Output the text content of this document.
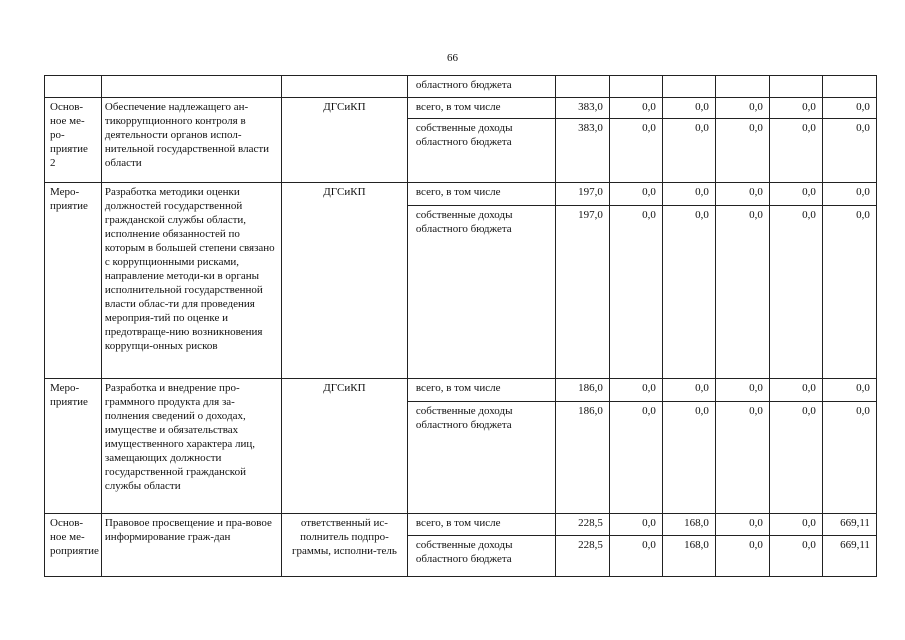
66
			областного бюджета						

Основ-
ное ме-
ро-
приятие
2	Обеспечение надлежащего ан-тикоррупционного контроля в деятельности органов испол-нительной государственной власти области	ДГСиКП	всего, в том числе	383,0	0,0	0,0	0,0	0,0	0,0
			собственные доходы областного бюджета	383,0	0,0	0,0	0,0	0,0	0,0

Меро-
приятие	Разработка методики оценки должностей государственной гражданской службы области, исполнение обязанностей по которым в большей степени связано с коррупционными рисками, направление методи-ки в органы исполнительной государственной власти облас-ти для проведения мероприя-тий по оценке и предотвраще-нию возникновения коррупци-онных рисков	ДГСиКП	всего, в том числе	197,0	0,0	0,0	0,0	0,0	0,0
			собственные доходы областного бюджета	197,0	0,0	0,0	0,0	0,0	0,0

Меро-
приятие	Разработка и внедрение про-граммного продукта для за-полнения сведений о доходах, имуществе и обязательствах имущественного характера лиц, замещающих должности государственной гражданской службы области	ДГСиКП	всего, в том числе	186,0	0,0	0,0	0,0	0,0	0,0
			собственные доходы областного бюджета	186,0	0,0	0,0	0,0	0,0	0,0

Основ-
ное ме-
роприятие	Правовое просвещение и пра-вовое информирование граж-дан	ответственный ис-полнитель подпро-граммы, исполни-тель	всего, в том числе	228,5	0,0	168,0	0,0	0,0	669,11
			собственные доходы областного бюджета	228,5	0,0	168,0	0,0	0,0	669,11
